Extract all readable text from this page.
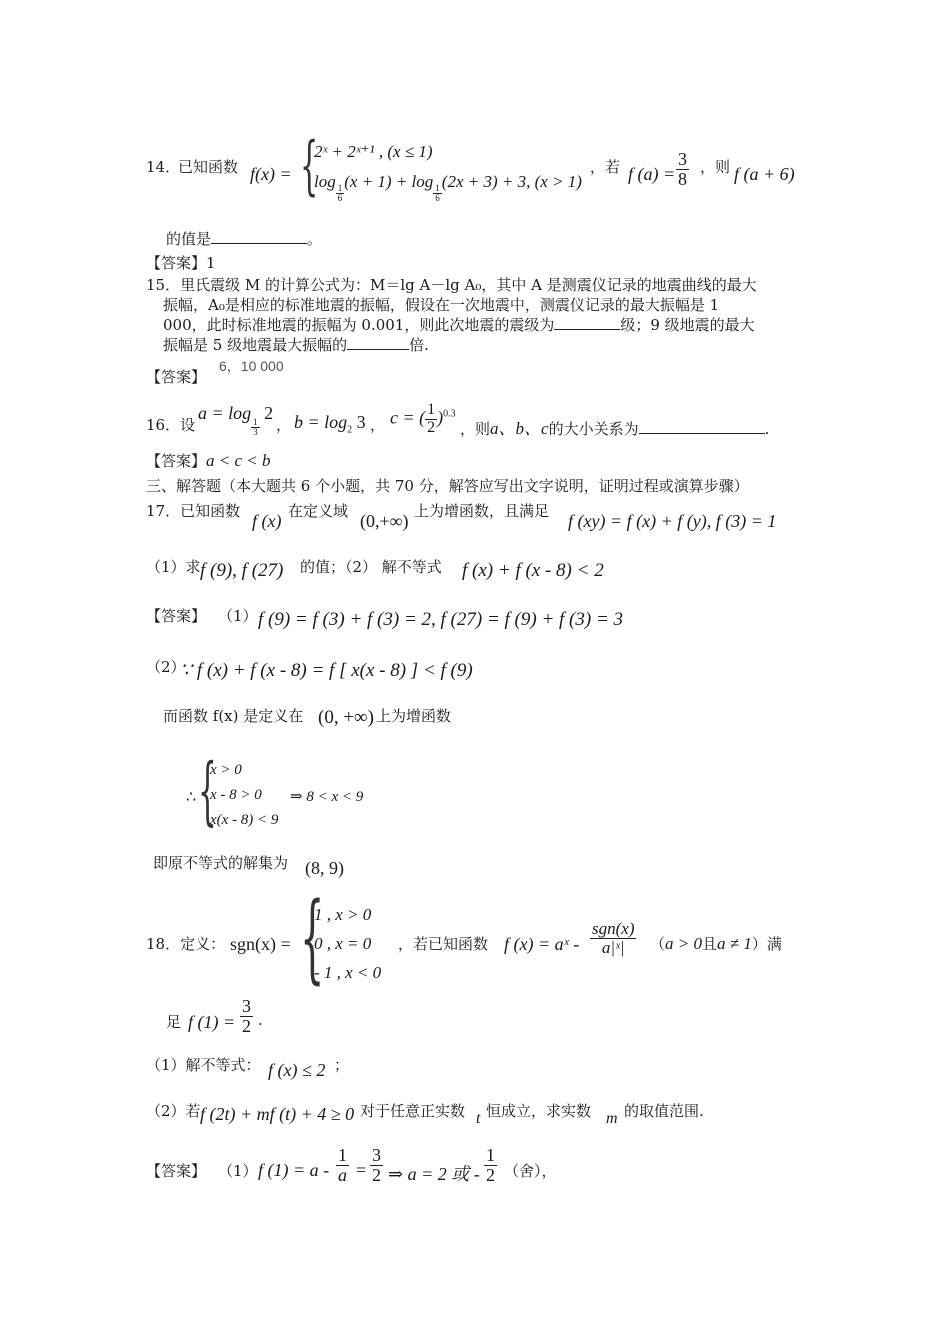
14．
已知函数 f(x) = {
2ˣ + 2ˣ⁺¹ , (x ≤ 1)
log
$\frac{1}{6}$
(x + 1) + log
$\frac{1}{6}$
(2x + 3) + 3, (x > 1)
，若 f $(a) = \frac{3}{8}$ ，则 f (a + 6)
的值是	。
【答案】1
15．里氏震级 M 的计算公式为：M＝lg A－lg A₀，其中 A 是测震仪记录的地震曲线的最大
振幅，A₀是相应的标准地震的振幅，假设在一次地震中，测震仪记录的最大振幅是 1
000，此时标准地震的振幅为 0.001，则此次地震的震级为	级；9 级地震的最大
振幅是 5 级地震最大振幅的	倍.
【答案】
6，10 000
16．设
a = log
$\frac{1}{3}$
2
， $b = \log_2 3$ ， c = ( $\frac{1}{2} )^{0.3}$
，则a、b、c的大小关系为	.
【答案】a < c < b
三、解答题（本大题共 6 个小题，共 70 分，解答应写出文字说明，证明过程或演算步骤）
17．已知函数 f (x) 在定义域 (0,+∞) 上为增函数，且满足 f (xy) = f (x) + f (y), f (3) = 1
（1）求 f (9), f (27) 的值；（2） 解不等式 f (x) + f (x - 8) < 2
【答案】 （1） f (9) = f (3) + f (3) = 2, f (27) = f (9) + f (3) = 3
（2）
∵ f (x) + f (x - 8) = f [ x(x - 8) ] < f (9)
而函数 f(x) 是定义在 (0, +∞) 上为增函数
∴ {
x > 0
x - 8 > 0
x(x - 8) < 9
⇒ 8 < x < 9
即原不等式的解集为 (8, 9)
18．定义： sgn(x) = {
1 , x > 0
0 , x = 0
- 1 , x < 0
，若已知函数 f (x) = aˣ -
sgn(x)
a|ˣ|	（a > 0且a ≠ 1）满
足 f $(1) = \frac{3}{2}$ .
（1）解不等式： f (x) ≤ 2 ；
（2）若 f (2t) + mf (t) + 4 ≥ 0 对于任意正实数 t 恒成立，求实数 m 的取值范围.
【答案】 （1） f $(1) = a - \frac{1}{a} = \frac{3}{2}$ ⇒ a = 2 或 - $\frac{1}{2}$ （舍），
